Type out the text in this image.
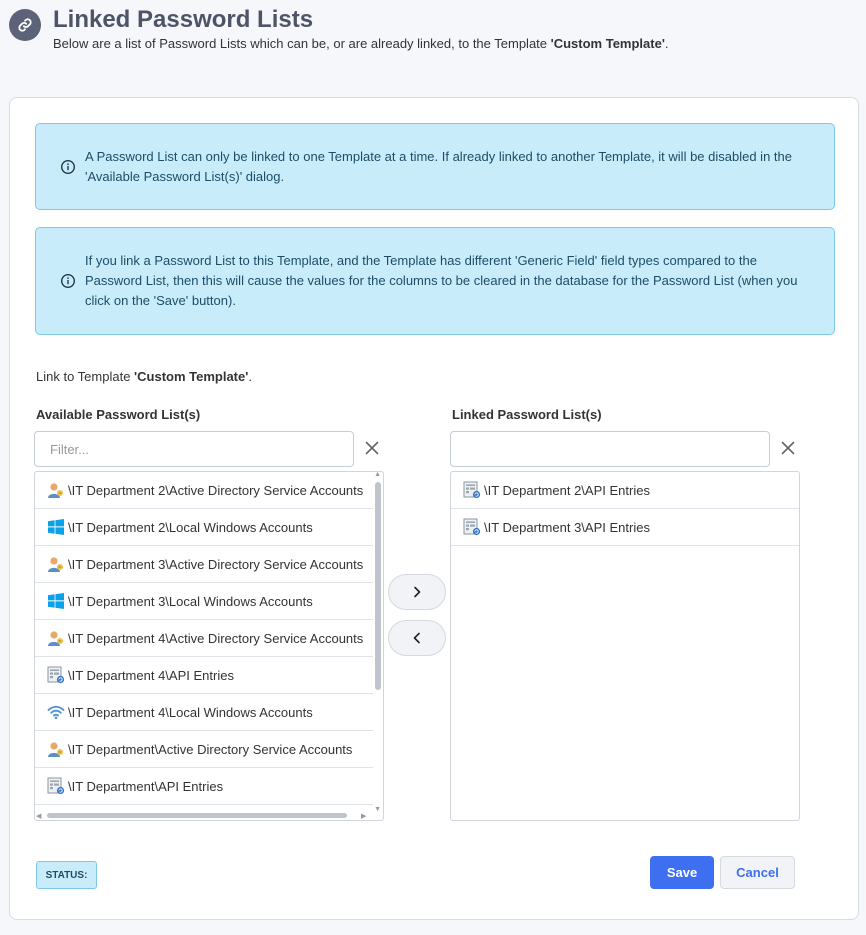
Linked Password Lists
Below are a list of Password Lists which can be, or are already linked, to the Template 'Custom Template'.
A Password List can only be linked to one Template at a time. If already linked to another Template, it will be disabled in the 'Available Password List(s)' dialog.
If you link a Password List to this Template, and the Template has different 'Generic Field' field types compared to the Password List, then this will cause the values for the columns to be cleared in the database for the Password List (when you click on the 'Save' button).
Link to Template 'Custom Template'.
Available Password List(s)
Filter...
\IT Department 2\Active Directory Service Accounts
\IT Department 2\Local Windows Accounts
\IT Department 3\Active Directory Service Accounts
\IT Department 3\Local Windows Accounts
\IT Department 4\Active Directory Service Accounts
\IT Department 4\API Entries
\IT Department 4\Local Windows Accounts
\IT Department\Active Directory Service Accounts
\IT Department\API Entries
▲
▼
◀	▶
Linked Password List(s)
\IT Department 2\API Entries
\IT Department 3\API Entries
STATUS:	Save	Cancel
